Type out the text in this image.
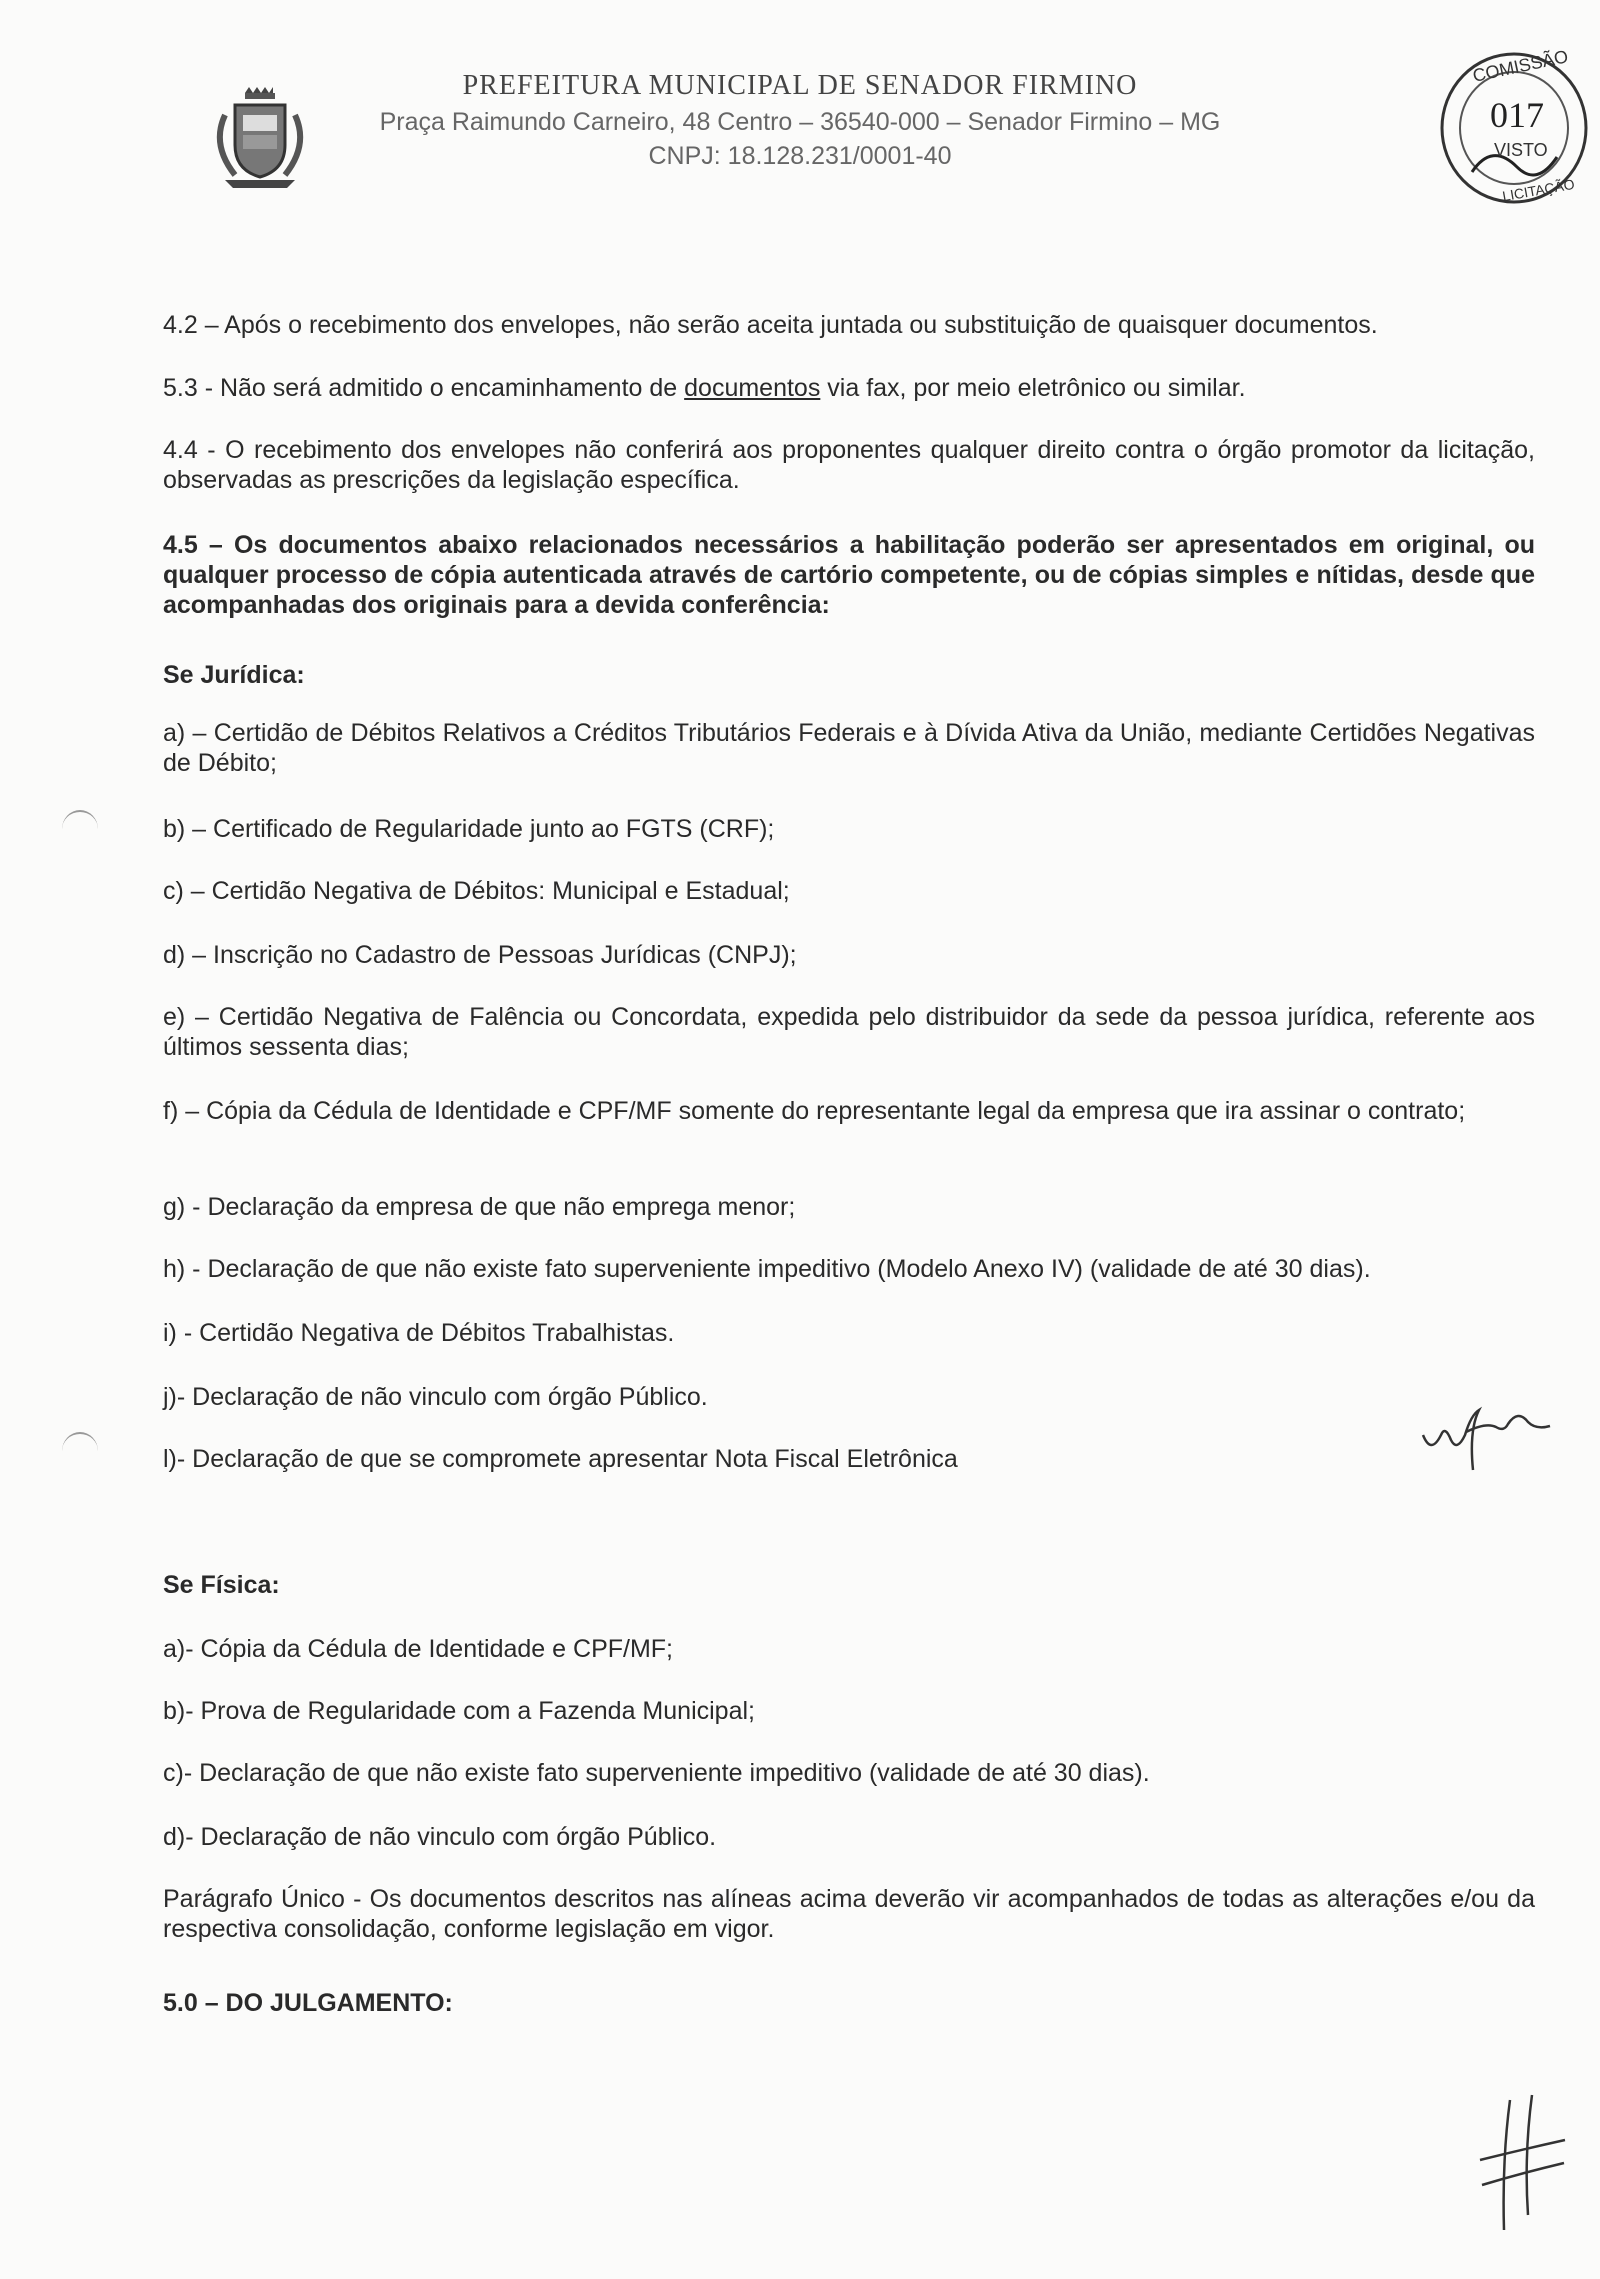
PREFEITURA MUNICIPAL DE SENADOR FIRMINO
Praça Raimundo Carneiro, 48 Centro – 36540-000 – Senador Firmino – MG
CNPJ: 18.128.231/0001-40
COMISSÃO
017
VISTO
LICITAÇÃO
4.2 – Após o recebimento dos envelopes, não serão aceita juntada ou substituição de quaisquer documentos.
5.3 - Não será admitido o encaminhamento de documentos via fax, por meio eletrônico ou similar.
4.4 - O recebimento dos envelopes não conferirá aos proponentes qualquer direito contra o órgão promotor da licitação, observadas as prescrições da legislação específica.
4.5 – Os documentos abaixo relacionados necessários a habilitação poderão ser apresentados em original, ou qualquer processo de cópia autenticada através de cartório competente, ou de cópias simples e nítidas, desde que acompanhadas dos originais para a devida conferência:
Se Jurídica:
a) – Certidão de Débitos Relativos a Créditos Tributários Federais e à Dívida Ativa da União, mediante Certidões Negativas de Débito;
b) – Certificado de Regularidade junto ao FGTS (CRF);
c) – Certidão Negativa de Débitos: Municipal e Estadual;
d) – Inscrição no Cadastro de Pessoas Jurídicas (CNPJ);
e) – Certidão Negativa de Falência ou Concordata, expedida pelo distribuidor da sede da pessoa jurídica, referente aos últimos sessenta dias;
f) – Cópia da Cédula de Identidade e CPF/MF somente do representante legal da empresa que ira assinar o contrato;
g) - Declaração da empresa de que não emprega menor;
h) - Declaração de que não existe fato superveniente impeditivo (Modelo Anexo IV) (validade de até 30 dias).
i) - Certidão Negativa de Débitos Trabalhistas.
j)- Declaração de não vinculo com órgão Público.
l)- Declaração de que se compromete apresentar Nota Fiscal Eletrônica
Se Física:
a)- Cópia da Cédula de Identidade e CPF/MF;
b)- Prova de Regularidade com a Fazenda Municipal;
c)- Declaração de que não existe fato superveniente impeditivo (validade de até 30 dias).
d)- Declaração de não vinculo com órgão Público.
Parágrafo Único - Os documentos descritos nas alíneas acima deverão vir acompanhados de todas as alterações e/ou da respectiva consolidação, conforme legislação em vigor.
5.0 – DO JULGAMENTO:
